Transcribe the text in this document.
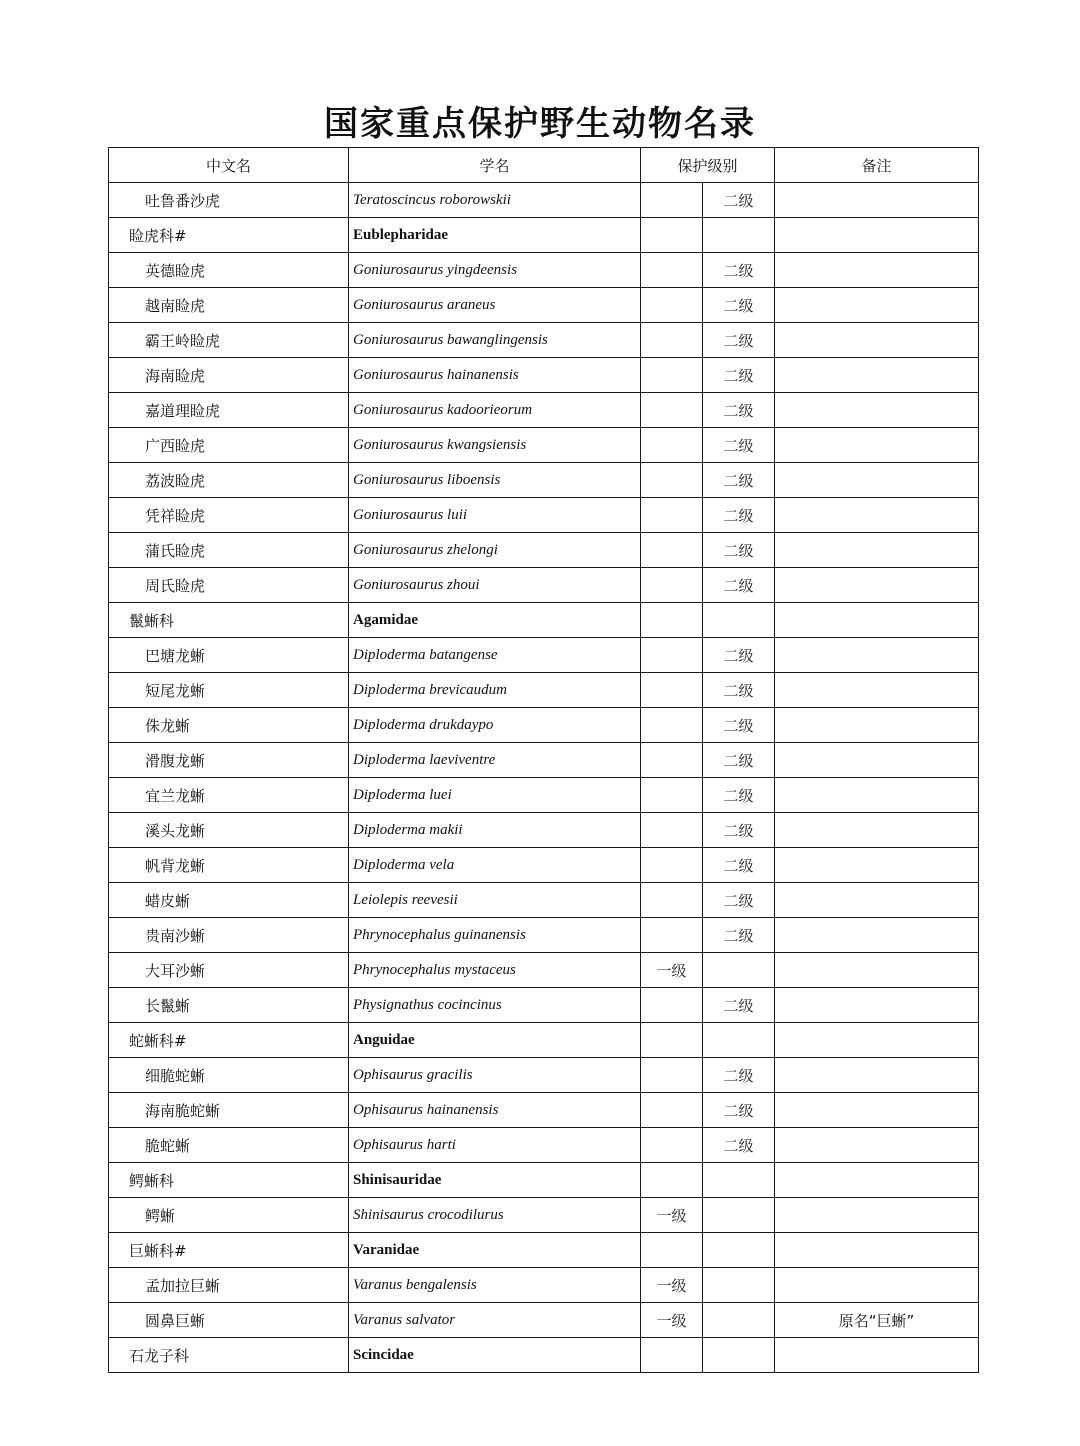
国家重点保护野生动物名录
中文名	学名	保护级别		备注
吐鲁番沙虎	Teratoscincus roborowskii		二级	
睑虎科#	Eublepharidae			
英德睑虎	Goniurosaurus yingdeensis		二级	
越南睑虎	Goniurosaurus araneus		二级	
霸王岭睑虎	Goniurosaurus bawanglingensis		二级	
海南睑虎	Goniurosaurus hainanensis		二级	
嘉道理睑虎	Goniurosaurus kadoorieorum		二级	
广西睑虎	Goniurosaurus kwangsiensis		二级	
荔波睑虎	Goniurosaurus liboensis		二级	
凭祥睑虎	Goniurosaurus luii		二级	
蒲氏睑虎	Goniurosaurus zhelongi		二级	
周氏睑虎	Goniurosaurus zhoui		二级	
鬣蜥科	Agamidae			
巴塘龙蜥	Diploderma batangense		二级	
短尾龙蜥	Diploderma brevicaudum		二级	
侏龙蜥	Diploderma drukdaypo		二级	
滑腹龙蜥	Diploderma laeviventre		二级	
宜兰龙蜥	Diploderma luei		二级	
溪头龙蜥	Diploderma makii		二级	
帆背龙蜥	Diploderma vela		二级	
蜡皮蜥	Leiolepis reevesii		二级	
贵南沙蜥	Phrynocephalus guinanensis		二级	
大耳沙蜥	Phrynocephalus mystaceus	一级		
长鬣蜥	Physignathus cocincinus		二级	
蛇蜥科#	Anguidae			
细脆蛇蜥	Ophisaurus gracilis		二级	
海南脆蛇蜥	Ophisaurus hainanensis		二级	
脆蛇蜥	Ophisaurus harti		二级	
鳄蜥科	Shinisauridae			
鳄蜥	Shinisaurus crocodilurus	一级		
巨蜥科#	Varanidae			
孟加拉巨蜥	Varanus bengalensis	一级		
圆鼻巨蜥	Varanus salvator	一级		原名“巨蜥”
石龙子科	Scincidae			
